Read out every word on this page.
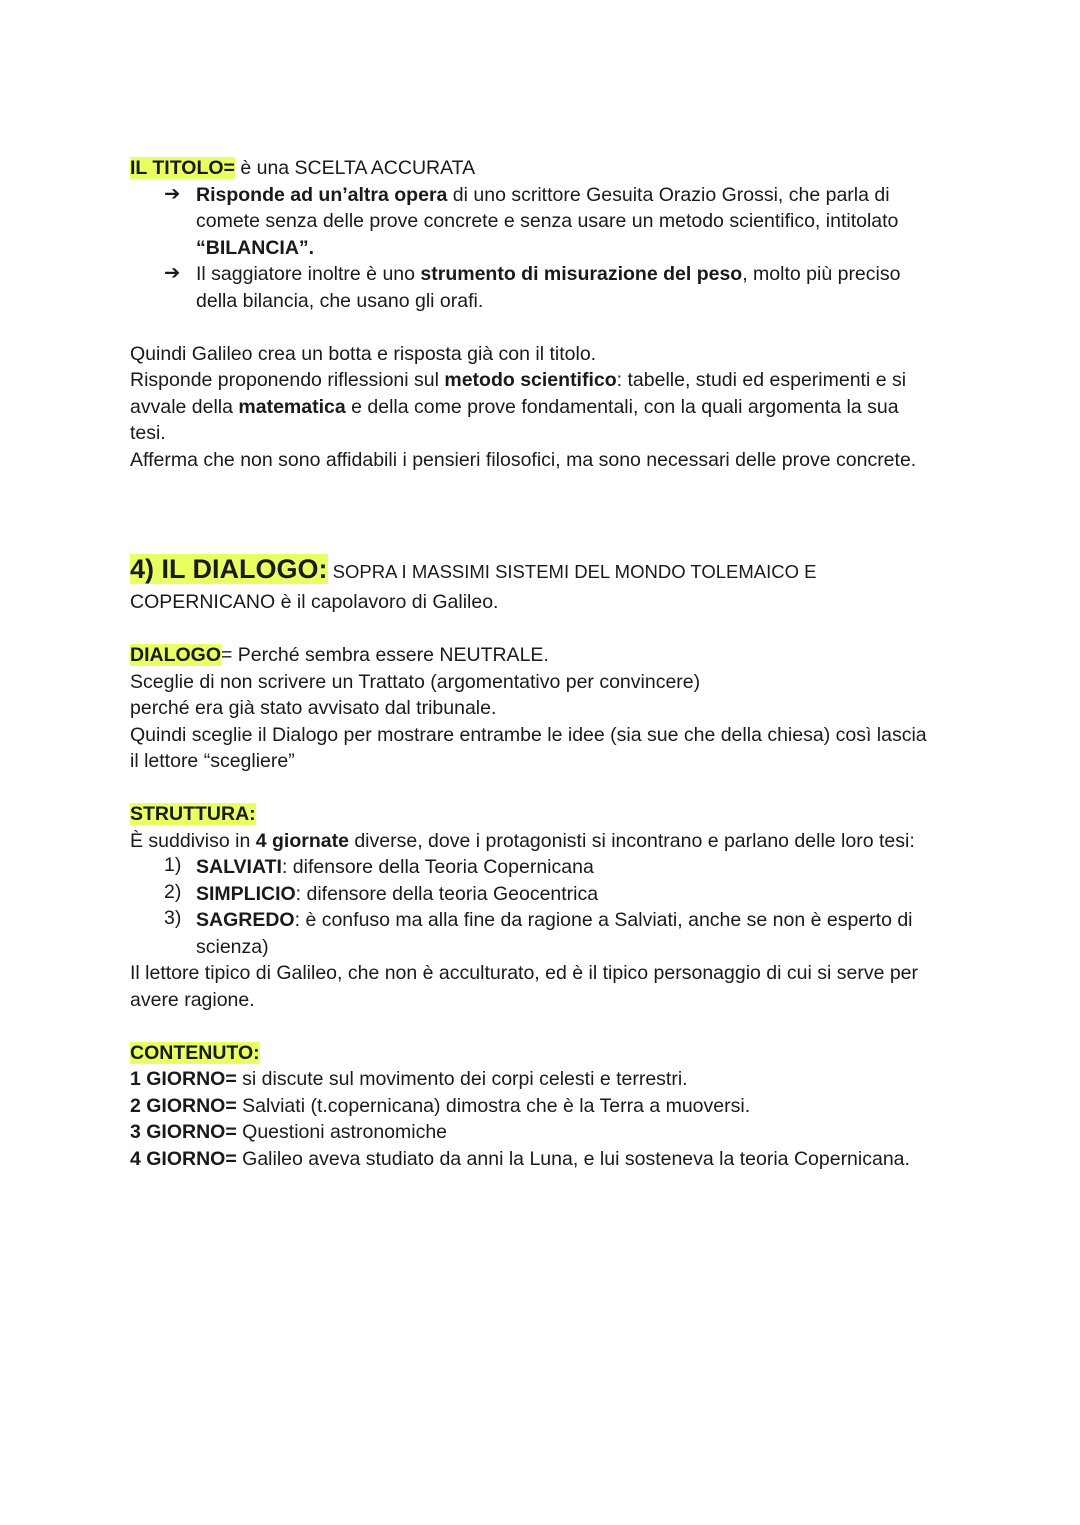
IL TITOLO= è una SCELTA ACCURATA
➔ Risponde ad un’altra opera di uno scrittore Gesuita Orazio Grossi, che parla di
comete senza delle prove concrete e senza usare un metodo scientifico, intitolato
“BILANCIA”.
➔ Il saggiatore inoltre è uno strumento di misurazione del peso, molto più preciso
della bilancia, che usano gli orafi.
Quindi Galileo crea un botta e risposta già con il titolo.
Risponde proponendo riflessioni sul metodo scientifico: tabelle, studi ed esperimenti e si
avvale della matematica e della come prove fondamentali, con la quali argomenta la sua
tesi.
Afferma che non sono affidabili i pensieri filosofici, ma sono necessari delle prove concrete.
4) IL DIALOGO: SOPRA I MASSIMI SISTEMI DEL MONDO TOLEMAICO E
COPERNICANO è il capolavoro di Galileo.
DIALOGO= Perché sembra essere NEUTRALE.
Sceglie di non scrivere un Trattato (argomentativo per convincere)
perché era già stato avvisato dal tribunale.
Quindi sceglie il Dialogo per mostrare entrambe le idee (sia sue che della chiesa) così lascia
il lettore “scegliere”
STRUTTURA:
È suddiviso in 4 giornate diverse, dove i protagonisti si incontrano e parlano delle loro tesi:
1) SALVIATI: difensore della Teoria Copernicana
2) SIMPLICIO: difensore della teoria Geocentrica
3) SAGREDO: è confuso ma alla fine da ragione a Salviati, anche se non è esperto di
scienza)
Il lettore tipico di Galileo, che non è acculturato, ed è il tipico personaggio di cui si serve per
avere ragione.
CONTENUTO:
1 GIORNO= si discute sul movimento dei corpi celesti e terrestri.
2 GIORNO= Salviati (t.copernicana) dimostra che è la Terra a muoversi.
3 GIORNO= Questioni astronomiche
4 GIORNO= Galileo aveva studiato da anni la Luna, e lui sosteneva la teoria Copernicana.
